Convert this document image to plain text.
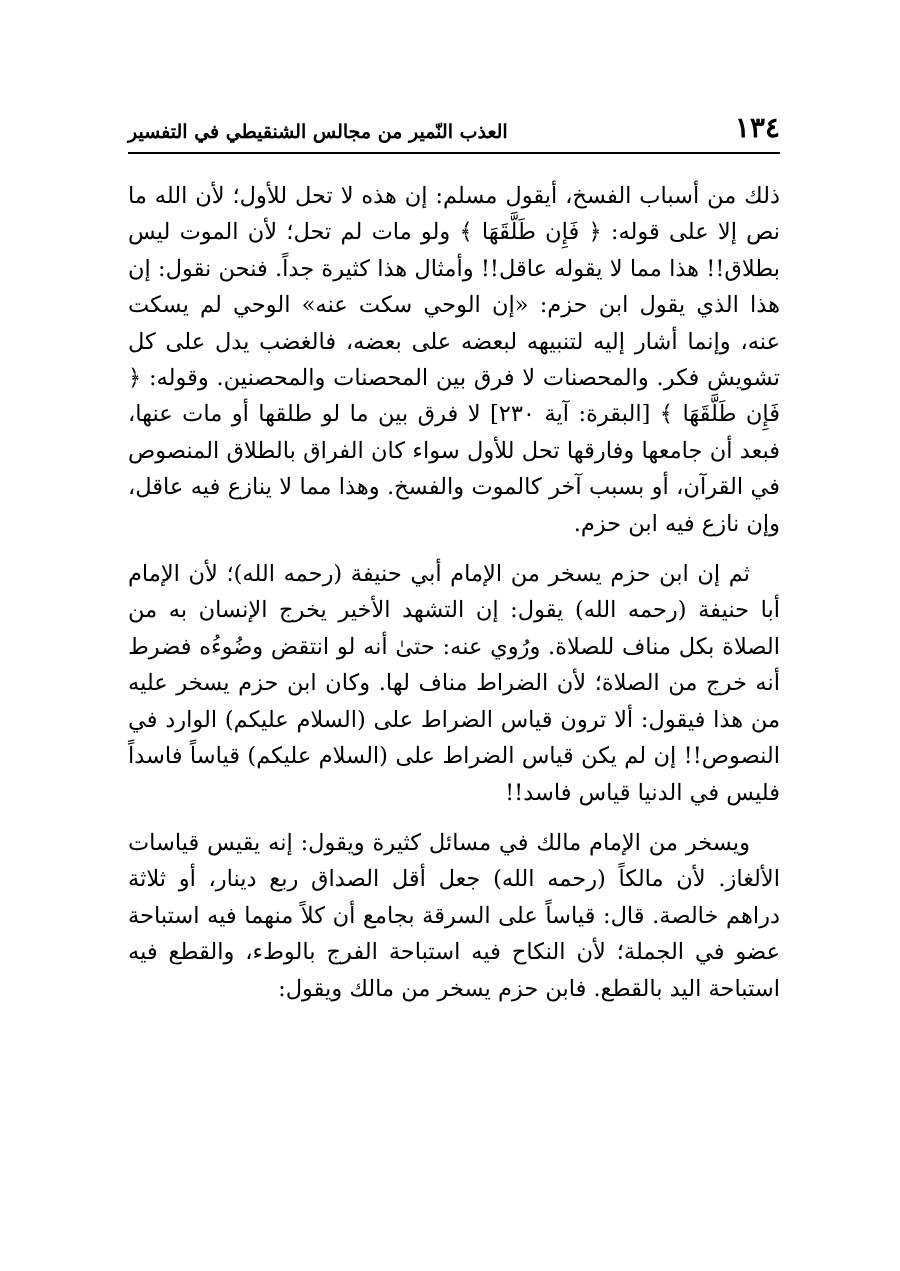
١٣٤
العذب النّمير من مجالس الشنقيطي في التفسير

ذلك من أسباب الفسخ، أيقول مسلم: إن هذه لا تحل للأول؛ لأن الله ما نص إلا على قوله: ﴿ فَإِن طَلَّقَهَا ﴾ ولو مات لم تحل؛ لأن الموت ليس بطلاق!! هذا مما لا يقوله عاقل!! وأمثال هذا كثيرة جداً. فنحن نقول: إن هذا الذي يقول ابن حزم: «إن الوحي سكت عنه» الوحي لم يسكت عنه، وإنما أشار إليه لتنبيهه لبعضه على بعضه، فالغضب يدل على كل تشويش فكر. والمحصنات لا فرق بين المحصنات والمحصنين. وقوله: ﴿ فَإِن طَلَّقَهَا ﴾ [البقرة: آية ٢٣٠] لا فرق بين ما لو طلقها أو مات عنها، فبعد أن جامعها وفارقها تحل للأول سواء كان الفراق بالطلاق المنصوص في القرآن، أو بسبب آخر كالموت والفسخ. وهذا مما لا ينازع فيه عاقل، وإن نازع فيه ابن حزم.

ثم إن ابن حزم يسخر من الإمام أبي حنيفة (رحمه الله)؛ لأن الإمام أبا حنيفة (رحمه الله) يقول: إن التشهد الأخير يخرج الإنسان به من الصلاة بكل مناف للصلاة. ورُوي عنه: حتىٰ أنه لو انتقض وضُوءُه فضرط أنه خرج من الصلاة؛ لأن الضراط مناف لها. وكان ابن حزم يسخر عليه من هذا فيقول: ألا ترون قياس الضراط على (السلام عليكم) الوارد في النصوص!! إن لم يكن قياس الضراط على (السلام عليكم) قياساً فاسداً فليس في الدنيا قياس فاسد!!

ويسخر من الإمام مالك في مسائل كثيرة ويقول: إنه يقيس قياسات الألغاز. لأن مالكاً (رحمه الله) جعل أقل الصداق ربع دينار، أو ثلاثة دراهم خالصة. قال: قياساً على السرقة بجامع أن كلاً منهما فيه استباحة عضو في الجملة؛ لأن النكاح فيه استباحة الفرج بالوطء، والقطع فيه استباحة اليد بالقطع. فابن حزم يسخر من مالك ويقول:
